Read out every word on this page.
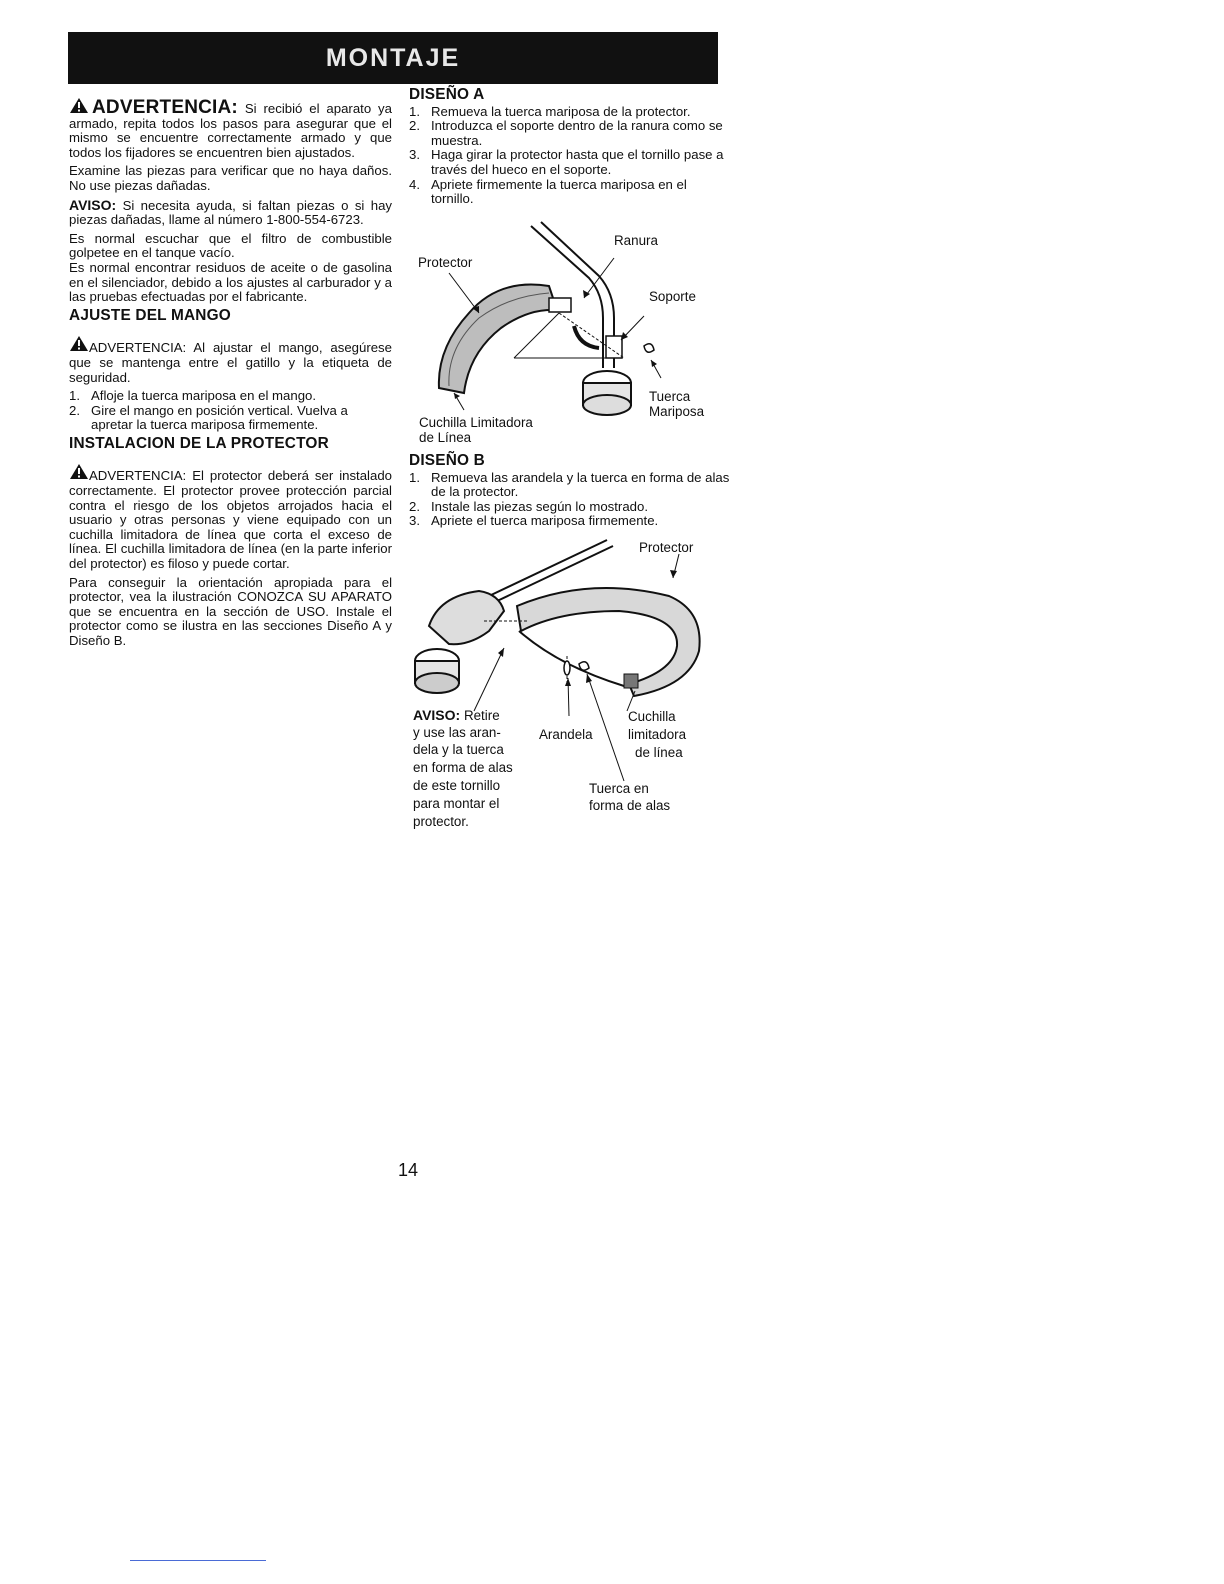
MONTAJE

ADVERTENCIA: Si recibió el aparato ya armado, repita todos los pasos para asegurar que el mismo se encuentre correctamente armado y que todos los fijadores se encuentren bien ajustados.

Examine las piezas para verificar que no haya daños. No use piezas dañadas.

AVISO: Si necesita ayuda, si faltan piezas o si hay piezas dañadas, llame al número 1-800-554-6723.

Es normal escuchar que el filtro de combustible golpetee en el tanque vacío.

Es normal encontrar residuos de aceite o de gasolina en el silenciador, debido a los ajustes al carburador y a las pruebas efectuadas por el fabricante.

AJUSTE DEL MANGO

ADVERTENCIA: Al ajustar el mango, asegúrese que se mantenga entre el gatillo y la etiqueta de seguridad.

1. Afloje la tuerca mariposa en el mango.
2. Gire el mango en posición vertical. Vuelva a apretar la tuerca mariposa firmemente.
INSTALACION DE LA PROTECTOR

ADVERTENCIA: El protector deberá ser instalado correctamente. El protector provee protección parcial contra el riesgo de los objetos arrojados hacia el usuario y otras personas y viene equipado con un cuchilla limitadora de línea que corta el exceso de línea. El cuchilla limitadora de línea (en la parte inferior del protector) es filoso y puede cortar.

Para conseguir la orientación apropiada para el protector, vea la ilustración CONOZCA SU APARATO que se encuentra en la sección de USO. Instale el protector como se ilustra en las secciones Diseño A y Diseño B.

DISEÑO A
1. Remueva la tuerca mariposa de la protector.
2. Introduzca el soporte dentro de la ranura como se muestra.
3. Haga girar la protector hasta que el tornillo pase a través del hueco en el soporte.
4. Apriete firmemente la tuerca mariposa en el tornillo.
Ranura
Protector
Soporte
Tuerca
Mariposa
Cuchilla Limitadora
de Línea
DISEÑO B
1. Remueva las arandela y la tuerca en forma de alas de la protector.
2. Instale las piezas según lo mostrado.
3. Apriete el tuerca mariposa firmemente.
Protector
AVISO: Retire
y use las aran-
dela y la tuerca
en forma de alas
de este tornillo
para montar el
protector.
Arandela
Cuchilla
limitadora
de línea
Tuerca en
forma de alas
14
